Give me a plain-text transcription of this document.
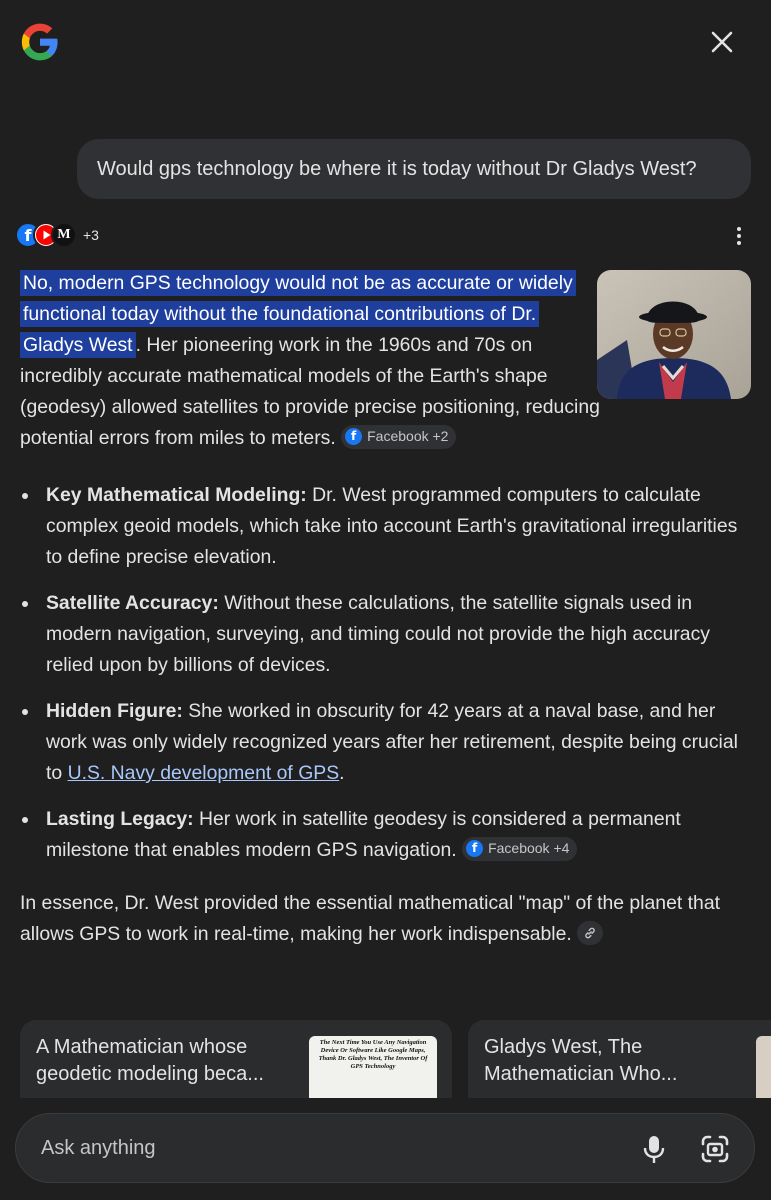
Would gps technology be where it is today without Dr Gladys West?
f	M +3

No, modern GPS technology would not be as accurate or widely functional today without the foundational contributions of Dr. Gladys West . Her pioneering work in the 1960s and 70s on incredibly accurate mathematical models of the Earth's shape (geodesy) allowed satellites to provide precise positioning, reducing potential errors from miles to meters.	f Facebook +2

Key Mathematical Modeling: Dr. West programmed computers to calculate complex geoid models, which take into account Earth's gravitational irregularities to define precise elevation.
Satellite Accuracy: Without these calculations, the satellite signals used in modern navigation, surveying, and timing could not provide the high accuracy relied upon by billions of devices.
Hidden Figure: She worked in obscurity for 42 years at a naval base, and her work was only widely recognized years after her retirement, despite being crucial to U.S. Navy development of GPS.
Lasting Legacy: Her work in satellite geodesy is considered a permanent milestone that enables modern GPS navigation.	f Facebook +4

In essence, Dr. West provided the essential mathematical "map" of the planet that allows GPS to work in real-time, making her work indispensable.

A Mathematician whose geodetic modeling beca...
The Next Time You Use Any Navigation Device Or Software Like Google Maps, Thank Dr. Gladys West, The Inventor Of GPS Technology
Gladys West, The Mathematician Who...
Ask anything
